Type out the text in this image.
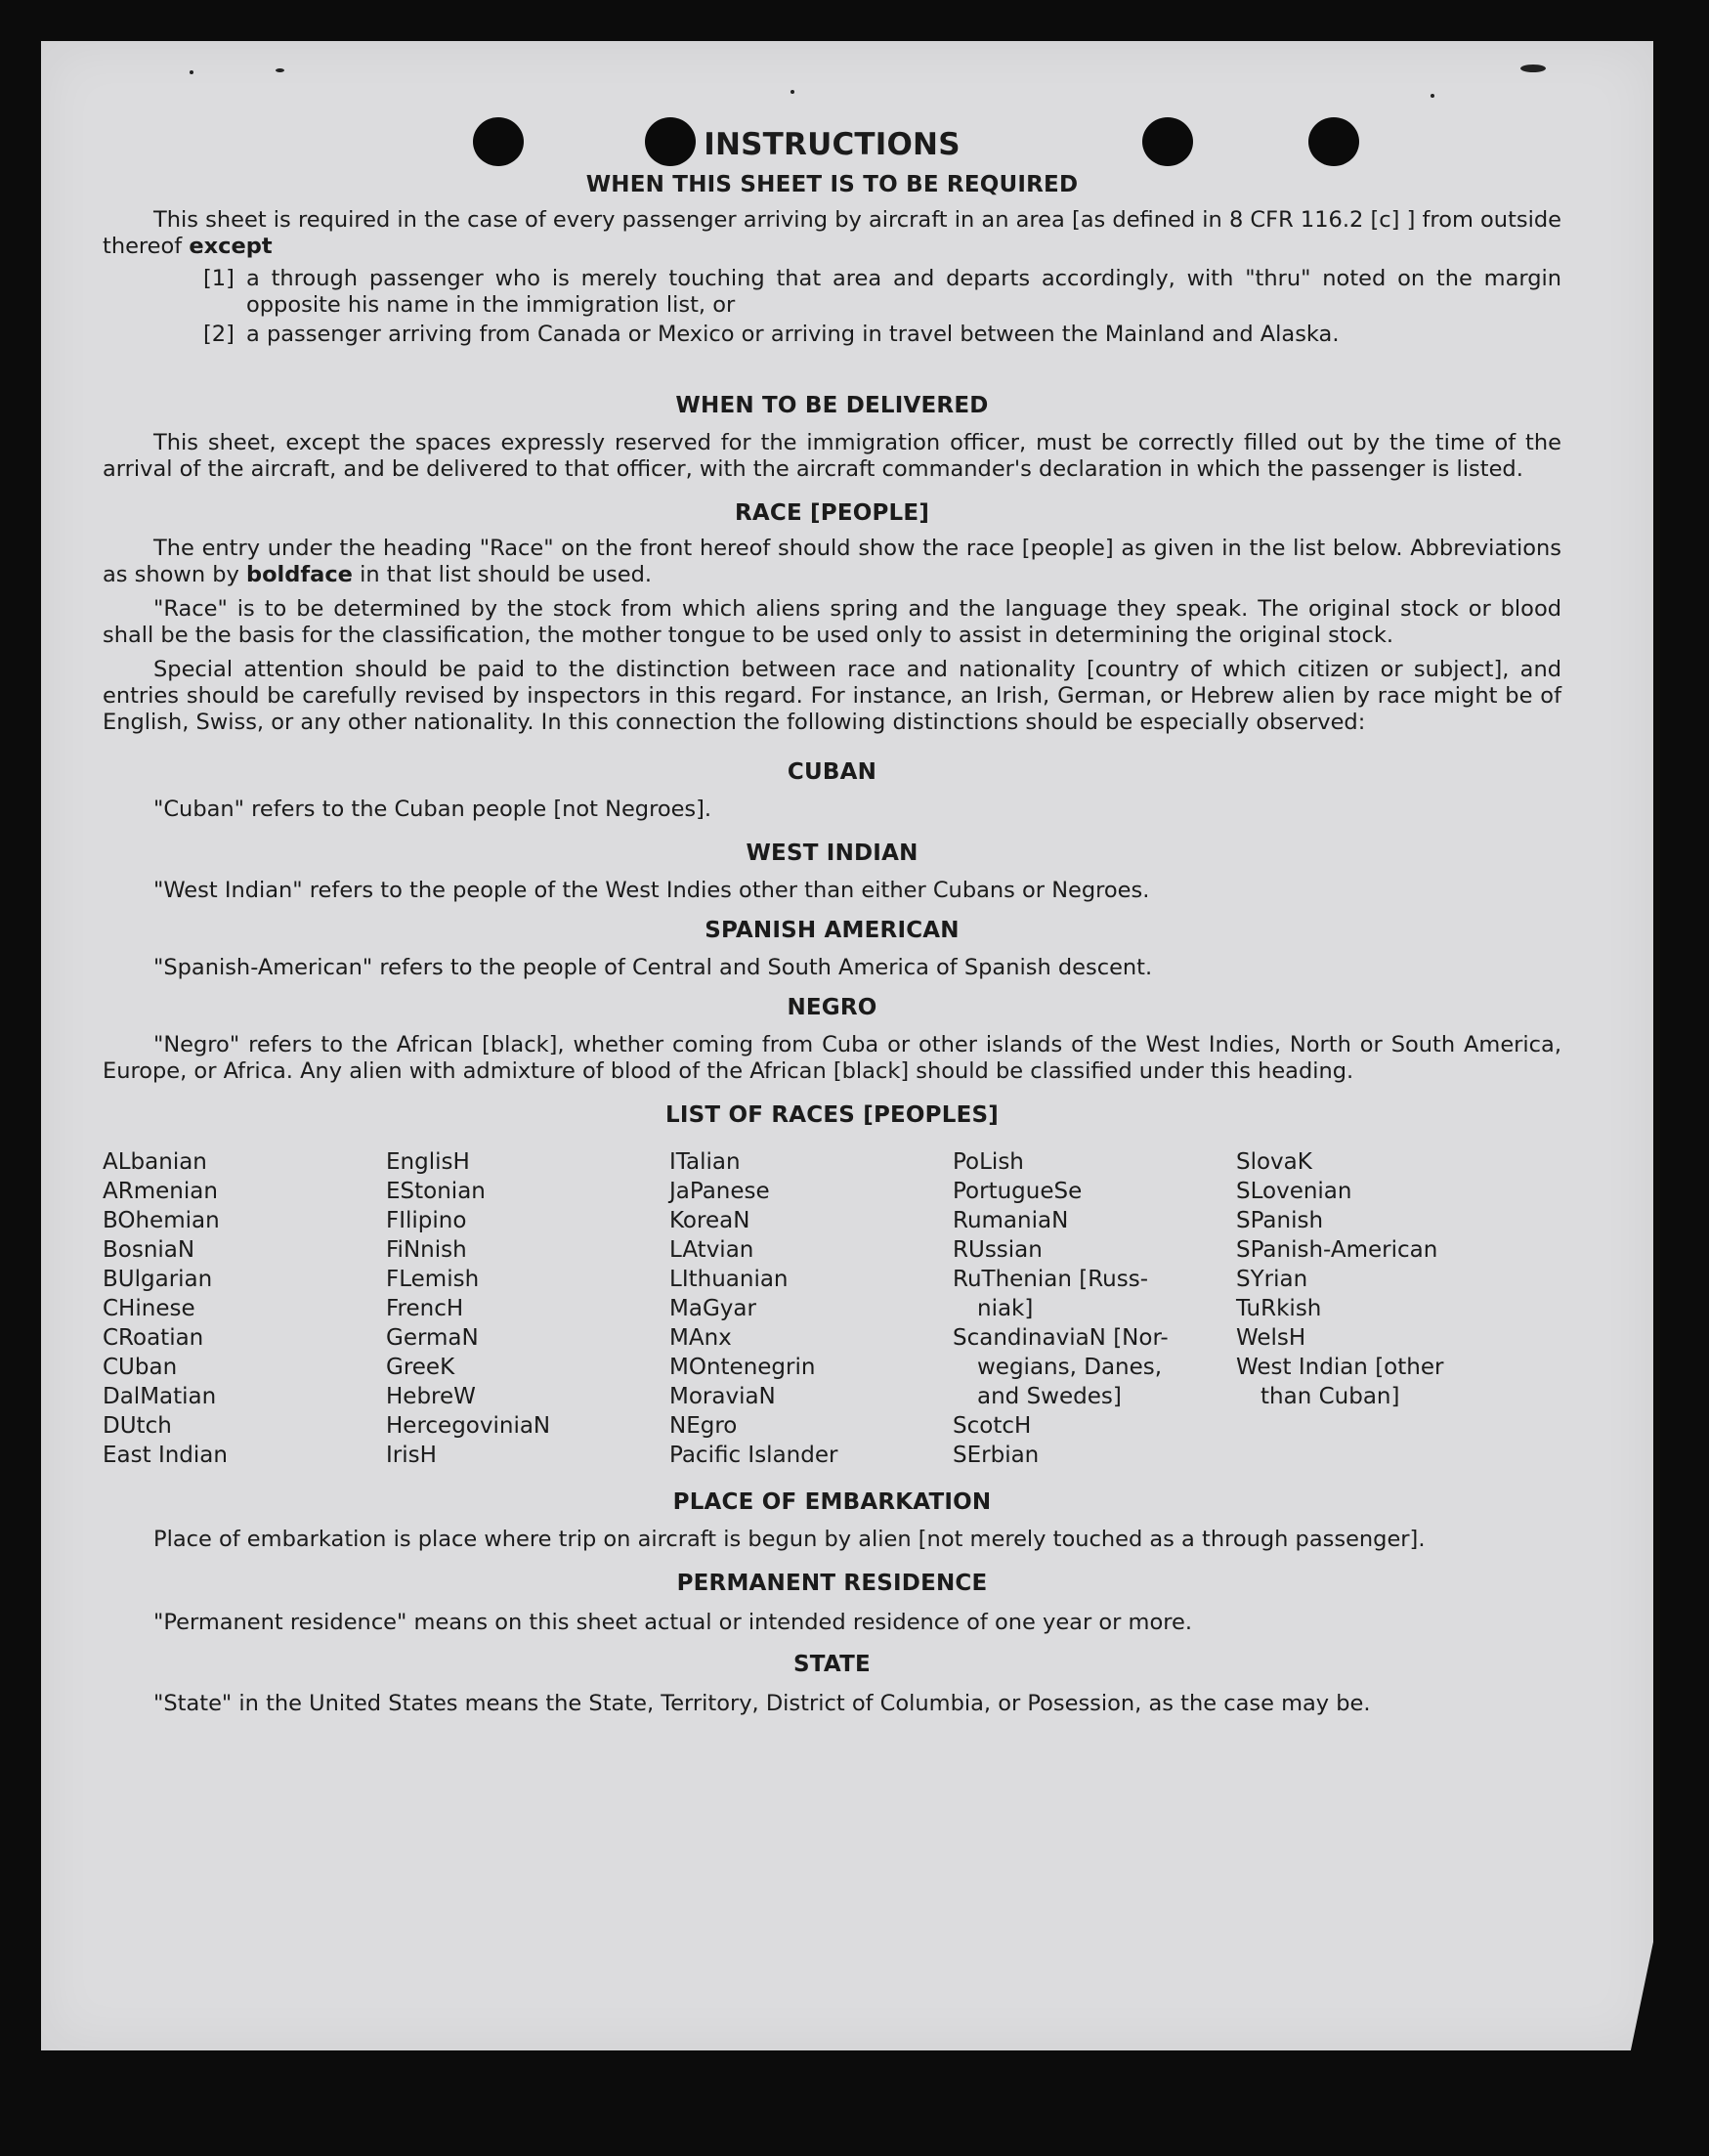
INSTRUCTIONS
WHEN THIS SHEET IS TO BE REQUIRED

This sheet is required in the case of every passenger arriving by aircraft in an area [as defined in 8 CFR 116.2 [c] ] from outside thereof except

[1] a through passenger who is merely touching that area and departs accordingly, with "thru" noted on the margin opposite his name in the immigration list, or
[2] a passenger arriving from Canada or Mexico or arriving in travel between the Mainland and Alaska.
WHEN TO BE DELIVERED

This sheet, except the spaces expressly reserved for the immigration officer, must be correctly filled out by the time of the arrival of the aircraft, and be delivered to that officer, with the aircraft commander's declaration in which the passenger is listed.

RACE [PEOPLE]

The entry under the heading "Race" on the front hereof should show the race [people] as given in the list below. Abbreviations as shown by boldface in that list should be used.

"Race" is to be determined by the stock from which aliens spring and the language they speak. The original stock or blood shall be the basis for the classification, the mother tongue to be used only to assist in determining the original stock.

Special attention should be paid to the distinction between race and nationality [country of which citizen or subject], and entries should be carefully revised by inspectors in this regard. For instance, an Irish, German, or Hebrew alien by race might be of English, Swiss, or any other nationality. In this connection the following distinctions should be especially observed:

CUBAN

"Cuban" refers to the Cuban people [not Negroes].

WEST INDIAN

"West Indian" refers to the people of the West Indies other than either Cubans or Negroes.

SPANISH AMERICAN

"Spanish-American" refers to the people of Central and South America of Spanish descent.

NEGRO

"Negro" refers to the African [black], whether coming from Cuba or other islands of the West Indies, North or South America, Europe, or Africa. Any alien with admixture of blood of the African [black] should be classified under this heading.

LIST OF RACES [PEOPLES]
ALbanian
ARmenian
BOhemian
BosniaN
BUlgarian
CHinese
CRoatian
CUban
DalMatian
DUtch
East Indian
EnglisH
EStonian
FIlipino
FiNnish
FLemish
FrencH
GermaN
GreeK
HebreW
HercegoviniaN
IrisH
ITalian
JaPanese
KoreaN
LAtvian
LIthuanian
MaGyar
MAnx
MOntenegrin
MoraviaN
NEgro
Pacific Islander
PoLish
PortugueSe
RumaniaN
RUssian
RuThenian [Russ-
niak]
ScandinaviaN [Nor-
wegians, Danes,
and Swedes]
ScotcH
SErbian
SlovaK
SLovenian
SPanish
SPanish-American
SYrian
TuRkish
WelsH
West Indian [other
than Cuban]
PLACE OF EMBARKATION

Place of embarkation is place where trip on aircraft is begun by alien [not merely touched as a through passenger].

PERMANENT RESIDENCE

"Permanent residence" means on this sheet actual or intended residence of one year or more.

STATE

"State" in the United States means the State, Territory, District of Columbia, or Posession, as the case may be.
